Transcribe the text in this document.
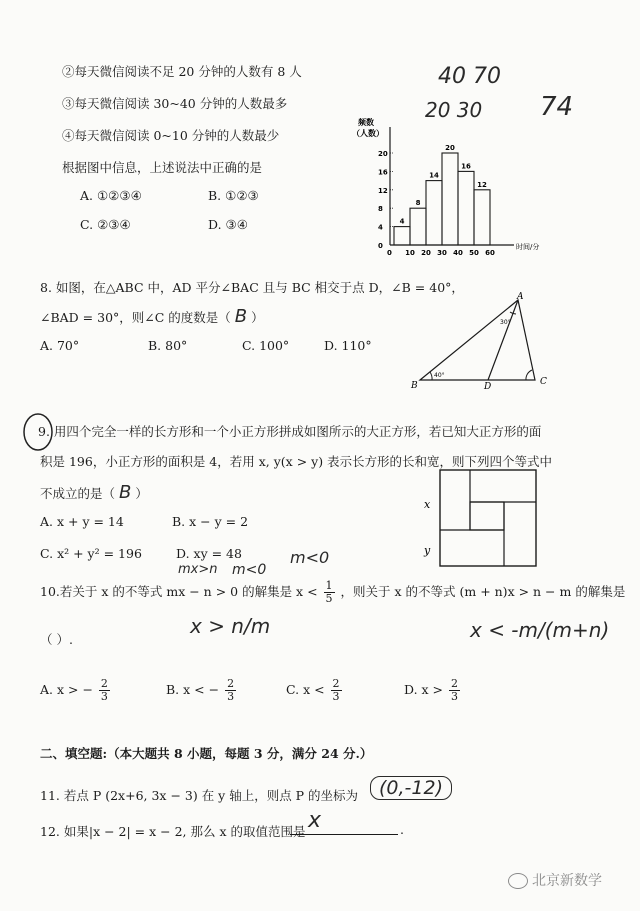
②每天微信阅读不足 20 分钟的人数有 8 人
③每天微信阅读 30~40 分钟的人数最多
④每天微信阅读 0~10 分钟的人数最少
根据图中信息，上述说法中正确的是
A. ①②③④	B. ①②③
C. ②③④	D. ③④
40 70
20 30 74
时间/分
频数
（人数）
0
4
8
12
16
20
4
8
14
20
16
12
0 10 20 30 40 50 60
8. 如图，在△ABC 中，AD 平分∠BAC 且与 BC 相交于点 D，∠B = 40°，
∠BAD = 30°，则∠C 的度数是（ B ）
A. 70°	B. 80°	C. 100°	D. 110°
A
B	C
D
30°
40°
9. 用四个完全一样的长方形和一个小正方形拼成如图所示的大正方形，若已知大正方形的面
积是 196，小正方形的面积是 4，若用 x, y(x > y) 表示长方形的长和宽，则下列四个等式中
不成立的是（ B ）
A. x + y = 14	B. x − y = 2
C. x² + y² = 196	D. xy = 48
x
y
m<0
mx>n m<0
10.若关于 x 的不等式 mx − n > 0 的解集是 $x < \frac{1}{5}$ ，则关于 x 的不等式 (m + n)x > n − m 的解集是
（ ）.
x > n/m	x < -m/(m+n)
A. x > − $\frac{2}{3}$	B. x < − $\frac{2}{3}$	C. $x < \frac{2}{3}$	D. $x > \frac{2}{3}$
二、填空题:（本大题共 8 小题，每题 3 分，满分 24 分.）
11. 若点 P (2x+6, 3x − 3) 在 y 轴上，则点 P 的坐标为	(0,-12)
12. 如果|x − 2| = x − 2, 那么 x 的取值范围是 x	.
北京新数学
